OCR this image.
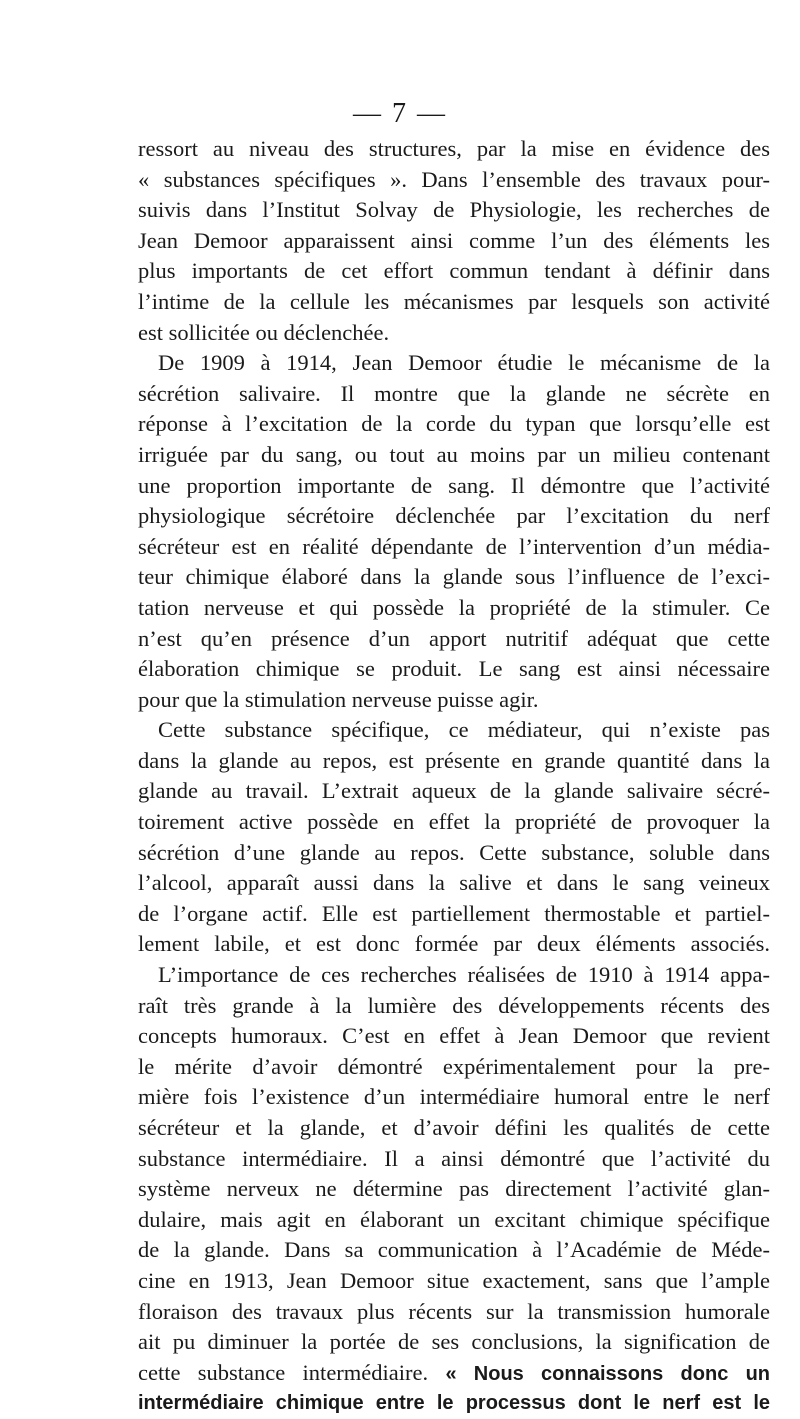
— 7 —
ressort au niveau des structures, par la mise en évidence des
« substances spécifiques ». Dans l’ensemble des travaux pour-
suivis dans l’Institut Solvay de Physiologie, les recherches de
Jean Demoor apparaissent ainsi comme l’un des éléments les
plus importants de cet effort commun tendant à définir dans
l’intime de la cellule les mécanismes par lesquels son activité
est sollicitée ou déclenchée.
De 1909 à 1914, Jean Demoor étudie le mécanisme de la
sécrétion salivaire. Il montre que la glande ne sécrète en
réponse à l’excitation de la corde du typan que lorsqu’elle est
irriguée par du sang, ou tout au moins par un milieu contenant
une proportion importante de sang. Il démontre que l’activité
physiologique sécrétoire déclenchée par l’excitation du nerf
sécréteur est en réalité dépendante de l’intervention d’un média-
teur chimique élaboré dans la glande sous l’influence de l’exci-
tation nerveuse et qui possède la propriété de la stimuler. Ce
n’est qu’en présence d’un apport nutritif adéquat que cette
élaboration chimique se produit. Le sang est ainsi nécessaire
pour que la stimulation nerveuse puisse agir.
Cette substance spécifique, ce médiateur, qui n’existe pas
dans la glande au repos, est présente en grande quantité dans la
glande au travail. L’extrait aqueux de la glande salivaire sécré-
toirement active possède en effet la propriété de provoquer la
sécrétion d’une glande au repos. Cette substance, soluble dans
l’alcool, apparaît aussi dans la salive et dans le sang veineux
de l’organe actif. Elle est partiellement thermostable et partiel-
lement labile, et est donc formée par deux éléments associés.
L’importance de ces recherches réalisées de 1910 à 1914 appa-
raît très grande à la lumière des développements récents des
concepts humoraux. C’est en effet à Jean Demoor que revient
le mérite d’avoir démontré expérimentalement pour la pre-
mière fois l’existence d’un intermédiaire humoral entre le nerf
sécréteur et la glande, et d’avoir défini les qualités de cette
substance intermédiaire. Il a ainsi démontré que l’activité du
système nerveux ne détermine pas directement l’activité glan-
dulaire, mais agit en élaborant un excitant chimique spécifique
de la glande. Dans sa communication à l’Académie de Méde-
cine en 1913, Jean Demoor situe exactement, sans que l’ample
floraison des travaux plus récents sur la transmission humorale
ait pu diminuer la portée de ses conclusions, la signification de
cette substance intermédiaire. « Nous connaissons donc un
intermédiaire chimique entre le processus dont le nerf est le
